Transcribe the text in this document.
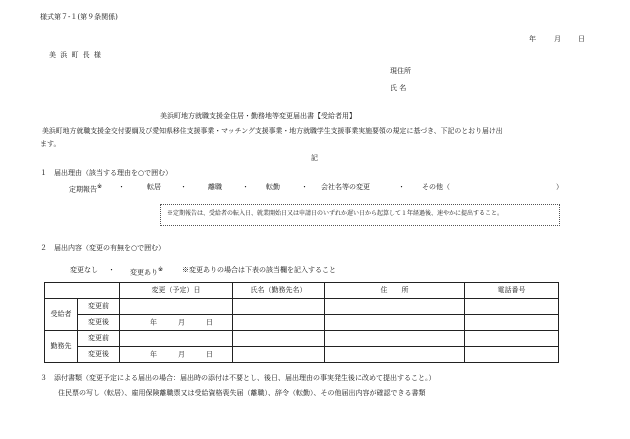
様式第７-１(第９条関係)
年	月 日
美 浜 町 長 様
現住所
氏 名
美浜町地方就職支援金住居・勤務地等変更届出書【受給者用】
美浜町地方就職支援金交付要綱及び愛知県移住支援事業・マッチング支援事業・地方就職学生支援事業実施要領の規定に基づき、下記のとおり届け出
ます。
記
１　届出理由（該当する理由を○で囲む）
定期報告※ ・	転居	・	離職	・ 転勤	・ 会社名等の変更	・ その他（	）
※定期報告は、受給者の転入日、就業開始日又は申請日のいずれか遅い日から起算して１年経過後、速やかに提出すること。
２　届出内容（変更の有無を○で囲む）
変更なし ・ 変更あり※	※変更ありの場合は下表の該当欄を記入すること
		変更（予定）日	氏名（勤務先名）	住　　所	電話番号
受給者	変更前				
	変更後	年 月 日			

勤務先	変更前				
	変更後	年 月 日			

３　添付書類（変更予定による届出の場合：届出時の添付は不要とし、後日、届出理由の事実発生後に改めて提出すること。）
住民票の写し（転居）、雇用保険離職票又は受給資格喪失届（離職）、辞令（転勤）、その他届出内容が確認できる書類
